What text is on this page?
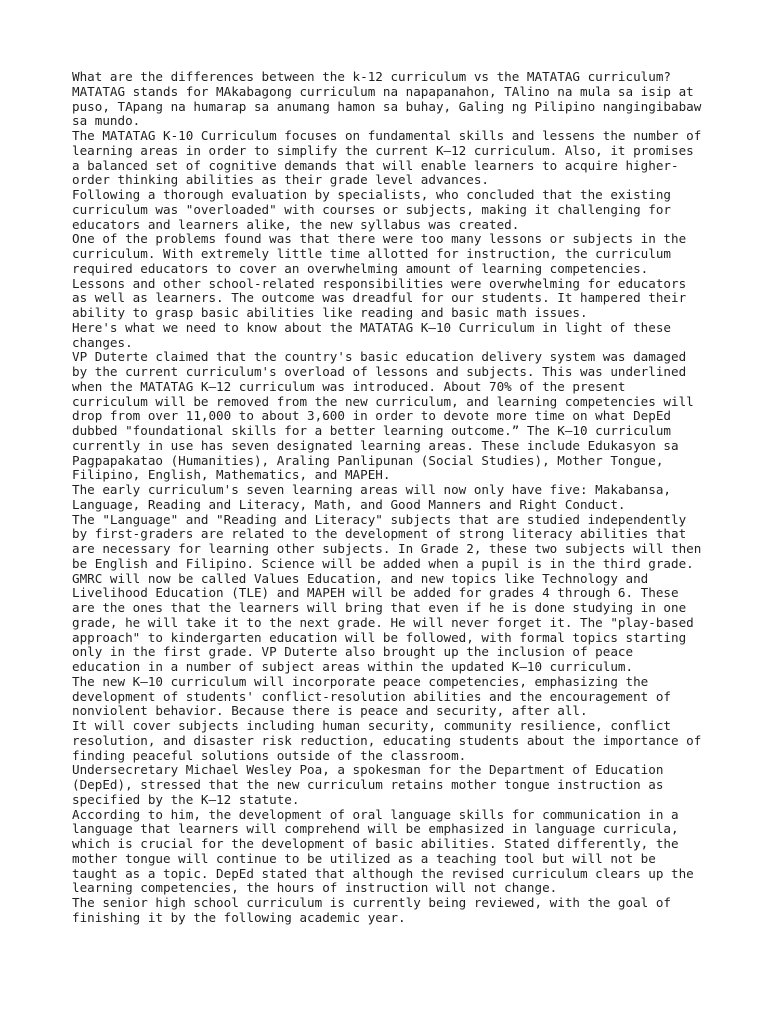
What are the differences between the k-12 curriculum vs the MATATAG curriculum?
MATATAG stands for MAkabagong curriculum na napapanahon, TAlino na mula sa isip at
puso, TApang na humarap sa anumang hamon sa buhay, Galing ng Pilipino nangingibabaw
sa mundo.

The MATATAG K-10 Curriculum focuses on fundamental skills and lessens the number of
learning areas in order to simplify the current K–12 curriculum. Also, it promises
a balanced set of cognitive demands that will enable learners to acquire higher-
order thinking abilities as their grade level advances.

Following a thorough evaluation by specialists, who concluded that the existing
curriculum was "overloaded" with courses or subjects, making it challenging for
educators and learners alike, the new syllabus was created.

One of the problems found was that there were too many lessons or subjects in the
curriculum. With extremely little time allotted for instruction, the curriculum
required educators to cover an overwhelming amount of learning competencies.
Lessons and other school-related responsibilities were overwhelming for educators
as well as learners. The outcome was dreadful for our students. It hampered their
ability to grasp basic abilities like reading and basic math issues.

Here's what we need to know about the MATATAG K–10 Curriculum in light of these
changes.

VP Duterte claimed that the country's basic education delivery system was damaged
by the current curriculum's overload of lessons and subjects. This was underlined
when the MATATAG K–12 curriculum was introduced. About 70% of the present
curriculum will be removed from the new curriculum, and learning competencies will
drop from over 11,000 to about 3,600 in order to devote more time on what DepEd
dubbed "foundational skills for a better learning outcome.” The K–10 curriculum
currently in use has seven designated learning areas. These include Edukasyon sa
Pagpapakatao (Humanities), Araling Panlipunan (Social Studies), Mother Tongue,
Filipino, English, Mathematics, and MAPEH.

The early curriculum's seven learning areas will now only have five: Makabansa,
Language, Reading and Literacy, Math, and Good Manners and Right Conduct.

The "Language" and "Reading and Literacy" subjects that are studied independently
by first-graders are related to the development of strong literacy abilities that
are necessary for learning other subjects. In Grade 2, these two subjects will then
be English and Filipino. Science will be added when a pupil is in the third grade.
GMRC will now be called Values Education, and new topics like Technology and
Livelihood Education (TLE) and MAPEH will be added for grades 4 through 6. These
are the ones that the learners will bring that even if he is done studying in one
grade, he will take it to the next grade. He will never forget it. The "play-based
approach" to kindergarten education will be followed, with formal topics starting
only in the first grade. VP Duterte also brought up the inclusion of peace
education in a number of subject areas within the updated K–10 curriculum.

The new K–10 curriculum will incorporate peace competencies, emphasizing the
development of students' conflict-resolution abilities and the encouragement of
nonviolent behavior. Because there is peace and security, after all.

It will cover subjects including human security, community resilience, conflict
resolution, and disaster risk reduction, educating students about the importance of
finding peaceful solutions outside of the classroom.

Undersecretary Michael Wesley Poa, a spokesman for the Department of Education
(DepEd), stressed that the new curriculum retains mother tongue instruction as
specified by the K–12 statute.

According to him, the development of oral language skills for communication in a
language that learners will comprehend will be emphasized in language curricula,
which is crucial for the development of basic abilities. Stated differently, the
mother tongue will continue to be utilized as a teaching tool but will not be
taught as a topic. DepEd stated that although the revised curriculum clears up the
learning competencies, the hours of instruction will not change.

The senior high school curriculum is currently being reviewed, with the goal of
finishing it by the following academic year.
